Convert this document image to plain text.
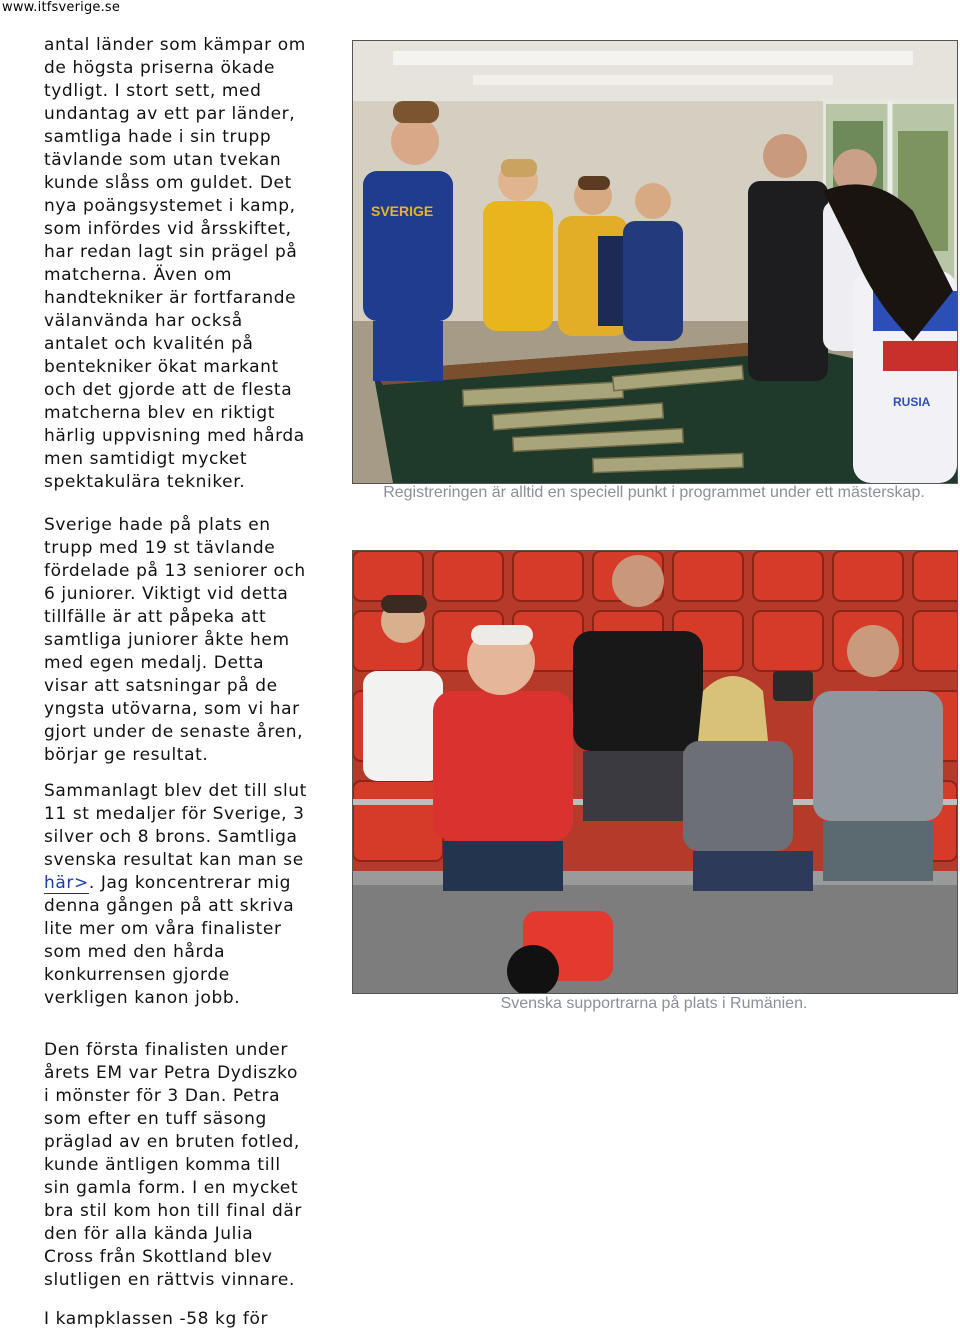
www.itfsverige.se

antal länder som kämpar om
de högsta priserna ökade
tydligt. I stort sett, med
undantag av ett par länder,
samtliga hade i sin trupp
tävlande som utan tvekan
kunde slåss om guldet. Det
nya poängsystemet i kamp,
som infördes vid årsskiftet,
har redan lagt sin prägel på
matcherna. Även om
handtekniker är fortfarande
välanvända har också
antalet och kvalitén på
bentekniker ökat markant
och det gjorde att de flesta
matcherna blev en riktigt
härlig uppvisning med hårda
men samtidigt mycket
spektakulära tekniker.

Sverige hade på plats en
trupp med 19 st tävlande
fördelade på 13 seniorer och
6 juniorer. Viktigt vid detta
tillfälle är att påpeka att
samtliga juniorer åkte hem
med egen medalj. Detta
visar att satsningar på de
yngsta utövarna, som vi har
gjort under de senaste åren,
börjar ge resultat.

Sammanlagt blev det till slut
11 st medaljer för Sverige, 3
silver och 8 brons. Samtliga
svenska resultat kan man se
här>. Jag koncentrerar mig
denna gången på att skriva
lite mer om våra finalister
som med den hårda
konkurrensen gjorde
verkligen kanon jobb.

Den första finalisten under
årets EM var Petra Dydiszko
i mönster för 3 Dan. Petra
som efter en tuff säsong
präglad av en bruten fotled,
kunde äntligen komma till
sin gamla form. I en mycket
bra stil kom hon till final där
den för alla kända Julia
Cross från Skottland blev
slutligen en rättvis vinnare.

I kampklassen -58 kg för

SVERIGE
RUSIA
Registreringen är alltid en speciell punkt i programmet under ett mästerskap.
Svenska supportrarna på plats i Rumänien.
